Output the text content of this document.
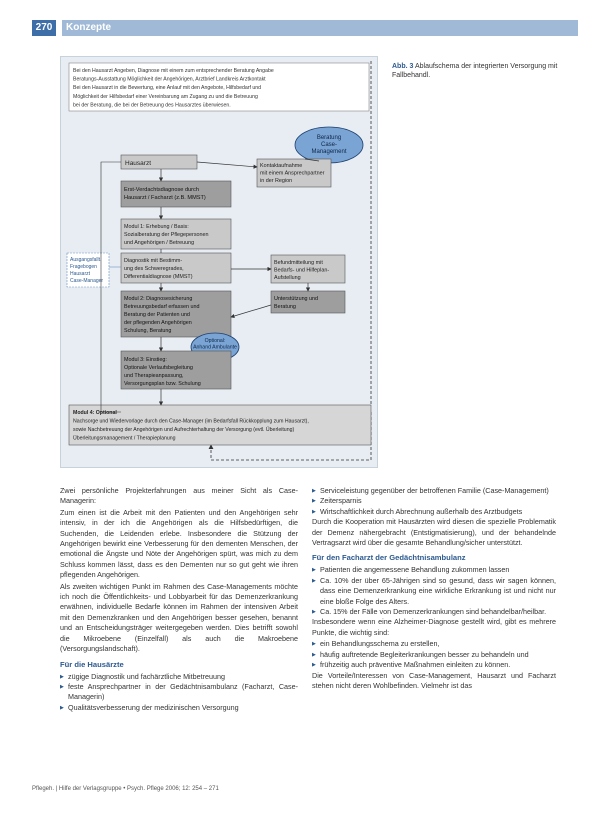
270	Konzepte
Bei den Hausarzt Angeben, Diagnose mit einem zum entsprechender Beratung Angabe
Beratungs-Ausstattung Möglichkeit der Angehörigen, Arztbrief Landkreis Arztkontakt
Bei den Hausarzt in die Bewertung, eine Anlauf mit den Angebote, Hilfsbedarf und
Möglichkeit der Hilfsbedarf einer Vereinbarung am Zugang zu und die Betreuung
bei der Beratung, die bei der Betreuung des Hausarztes überwiesen.
Beratung
Case-
Management
Hausarzt	Kontaktaufnahme
mit einem Ansprechpartner
in der Region
Erst-Verdachtsdiagnose durch
Hausarzt / Facharzt (z.B. MMST)
Modul 1: Erhebung / Basis:
Sozialberatung der Pflegepersonen
und Angehörigen / Betreuung
Ausgangsfallt.
Fragebogen
Hausarzt
Case-Manager
Diagnostik mit Bestimm-
ung des Schweregrades,
Differentialdiagnose (MMST)
Befundmitteilung mit
Bedarfs- und Hilfeplan-
Aufstellung
Modul 2: Diagnosesicherung
Betreuungsbedarf erfassen und
Beratung der Patienten und
der pflegenden Angehörigen
Schulung, Beratung
Unterstützung und
Beratung
Optional:
Anhand Ambulante
Modul 3: Einstieg:
Optionale Verlaufsbegleitung
und Therapieanpassung,
Versorgungsplan bzw. Schulung
Modul 4: Optional
Nachsorge und Wiedervorlage durch den Case-Manager (im Bedarfsfall Rückkopplung zum Hausarzt),
sowie Nachbetreuung der Angehörigen und Aufrechterhaltung der Versorgung (evtl. Überleitung)
Überleitungsmanagement / Therapieplanung
Abb. 3 Ablaufschema der integrierten Versorgung mit Fallbehandl.

Zwei persönliche Projekterfahrungen aus meiner Sicht als Case-Managerin:

Zum einen ist die Arbeit mit den Patienten und den Angehörigen sehr intensiv, in der ich die Angehörigen als die Hilfsbedürftigen, die Suchenden, die Leidenden erlebe. Insbesondere die Stützung der Angehörigen bewirkt eine Verbesserung für den dementen Menschen, der emotional die Ängste und Nöte der Angehörigen spürt, was mich zu dem Schluss kommen lässt, dass es den Dementen nur so gut geht wie ihren pflegenden Angehörigen.

Als zweiten wichtigen Punkt im Rahmen des Case-Managements möchte ich noch die Öffentlichkeits- und Lobbyarbeit für das Demenzerkrankung erwähnen, individuelle Bedarfe können im Rahmen der intensiven Arbeit mit den Demenzkranken und den Angehörigen besser gesehen, benannt und an Entscheidungsträger weitergegeben werden. Dies betrifft sowohl die Mikroebene (Einzelfall) als auch die Makroebene (Versorgungslandschaft).

Für die Hausärzte
▶ zügige Diagnostik und fachärztliche Mitbetreuung
▶ feste Ansprechpartner in der Gedächtnisambulanz (Facharzt, Case-Managerin)
▶ Qualitätsverbesserung der medizinischen Versorgung
▶ Serviceleistung gegenüber der betroffenen Familie (Case-Management)
▶ Zeitersparnis
▶ Wirtschaftlichkeit durch Abrechnung außerhalb des Arztbudgets

Durch die Kooperation mit Hausärzten wird diesen die spezielle Problematik der Demenz nähergebracht (Entstigmatisierung), und der behandelnde Vertragsarzt wird über die gesamte Behandlung/sicher unterstützt.

Für den Facharzt der Gedächtnisambulanz
▶ Patienten die angemessene Behandlung zukommen lassen
▶ Ca. 10% der über 65-Jährigen sind so gesund, dass wir sagen können, dass eine Demenzerkrankung eine wirkliche Erkrankung ist und nicht nur eine bloße Folge des Alters.
▶ Ca. 15% der Fälle von Demenzerkrankungen sind behandelbar/heilbar.

Insbesondere wenn eine Alzheimer-Diagnose gestellt wird, gibt es mehrere Punkte, die wichtig sind:

▶ ein Behandlungsschema zu erstellen,
▶ häufig auftretende Begleiterkrankungen besser zu behandeln und
▶ frühzeitig auch präventive Maßnahmen einleiten zu können.

Die Vorteile/Interessen von Case-Management, Hausarzt und Facharzt stehen nicht deren Wohlbefinden. Vielmehr ist das

Pflegeh. | Hilfe der Verlagsgruppe • Psych. Pflege 2006; 12: 254 – 271
